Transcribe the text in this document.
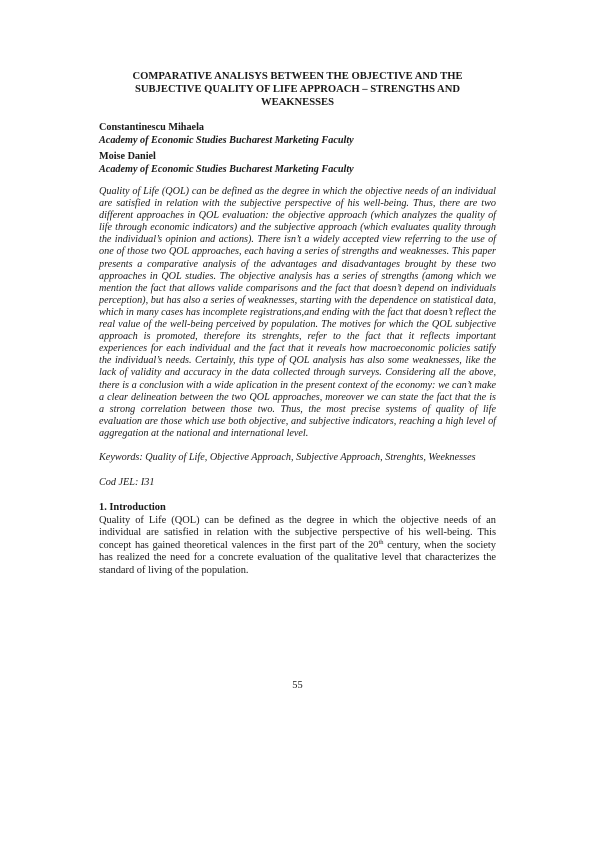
COMPARATIVE ANALISYS BETWEEN THE OBJECTIVE AND THE SUBJECTIVE QUALITY OF LIFE APPROACH – STRENGTHS AND WEAKNESSES

Constantinescu Mihaela

Academy of Economic Studies Bucharest Marketing Faculty

Moise Daniel

Academy of Economic Studies Bucharest Marketing Faculty

Quality of Life (QOL) can be defined as the degree in which the objective needs of an individual are satisfied in relation with the subjective perspective of his well-being. Thus, there are two different approaches in QOL evaluation: the objective approach (which analyzes the quality of life through economic indicators) and the subjective approach (which evaluates quality through the individual’s opinion and actions). There isn’t a widely accepted view referring to the use of one of those two QOL approaches, each having a series of strengths and weaknesses. This paper presents a comparative analysis of the advantages and disadvantages brought by these two approaches in QOL studies. The objective analysis has a series of strengths (among which we mention the fact that allows valide comparisons and the fact that doesn’t depend on individuals perception), but has also a series of weaknesses, starting with the dependence on statistical data, which in many cases has incomplete registrations,and ending with the fact that doesn’t reflect the real value of the well-being perceived by population. The motives for which the QOL subjective approach is promoted, therefore its strenghts, refer to the fact that it reflects important experiences for each individual and the fact that it reveals how macroeconomic policies satify the individual’s needs. Certainly, this type of QOL analysis has also some weaknesses, like the lack of validity and accuracy in the data collected through surveys. Considering all the above, there is a conclusion with a wide aplication in the present context of the economy: we can’t make a clear delineation between the two QOL approaches, moreover we can state the fact that the is a strong correlation between those two. Thus, the most precise systems of quality of life evaluation are those which use both objective, and subjective indicators, reaching a high level of aggregation at the national and international level.

Keywords: Quality of Life, Objective Approach, Subjective Approach, Strenghts, Weeknesses

Cod JEL: I31

1. Introduction

Quality of Life (QOL) can be defined as the degree in which the objective needs of an individual are satisfied in relation with the subjective perspective of his well-being. This concept has gained theoretical valences in the first part of the 20th century, when the society has realized the need for a concrete evaluation of the qualitative level that characterizes the standard of living of the population.

55
